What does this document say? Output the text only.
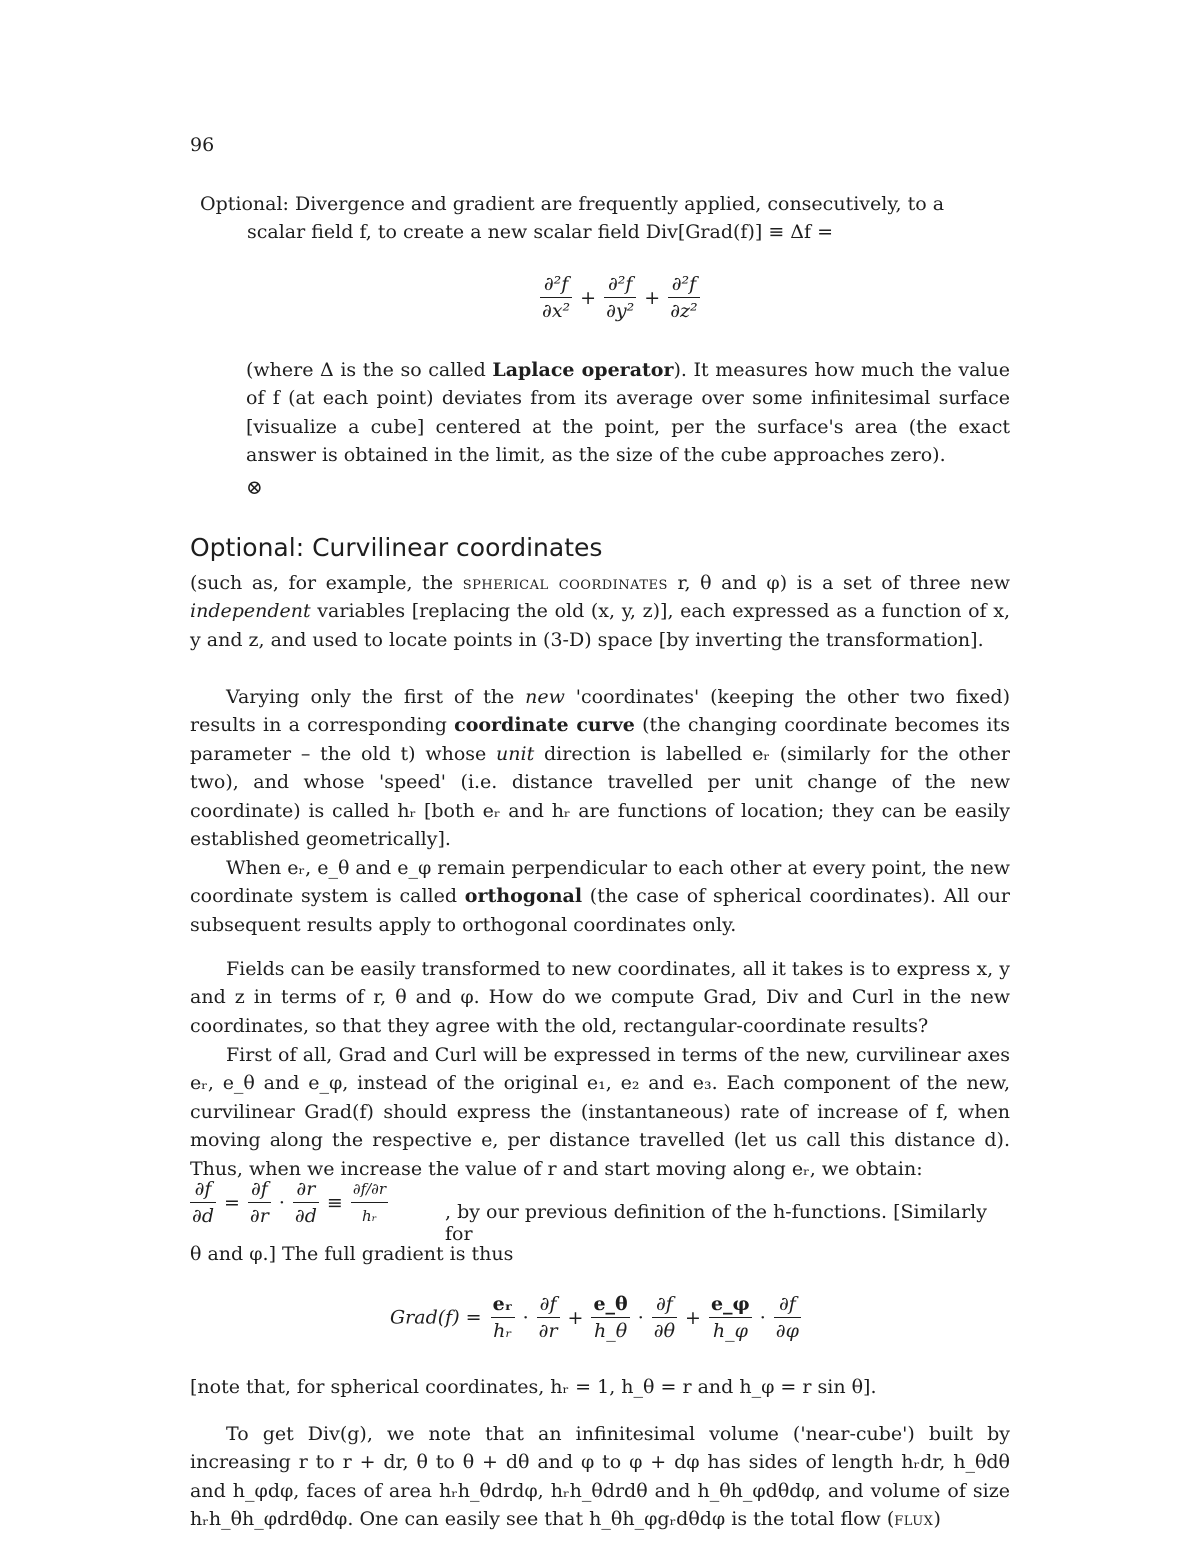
96
Optional: Divergence and gradient are frequently applied, consecutively, to a
scalar field f, to create a new scalar field Div[Grad(f)] ≡ Δf =
$\frac{\text{∂²f}}{\text{∂x²}} + \frac{\text{∂²f}}{\text{∂y²}} + \frac{\text{∂²f}}{\text{∂z²}}$
(where Δ is the so called Laplace operator). It measures how much the value of f (at each point) deviates from its average over some infinitesimal surface [visualize a cube] centered at the point, per the surface's area (the exact answer is obtained in the limit, as the size of the cube approaches zero).
⊗
Optional: Curvilinear coordinates
(such as, for example, the spherical coordinates r, θ and φ) is a set of three new independent variables [replacing the old (x, y, z)], each expressed as a function of x, y and z, and used to locate points in (3-D) space [by inverting the transformation].
Varying only the first of the new 'coordinates' (keeping the other two fixed) results in a corresponding coordinate curve (the changing coordinate becomes its parameter – the old t) whose unit direction is labelled eᵣ (similarly for the other two), and whose 'speed' (i.e. distance travelled per unit change of the new coordinate) is called hᵣ [both eᵣ and hᵣ are functions of location; they can be easily established geometrically].
When eᵣ, e_θ and e_φ remain perpendicular to each other at every point, the new coordinate system is called orthogonal (the case of spherical coordinates). All our subsequent results apply to orthogonal coordinates only.
Fields can be easily transformed to new coordinates, all it takes is to express x, y and z in terms of r, θ and φ. How do we compute Grad, Div and Curl in the new coordinates, so that they agree with the old, rectangular-coordinate results?
First of all, Grad and Curl will be expressed in terms of the new, curvilinear axes eᵣ, e_θ and e_φ, instead of the original e₁, e₂ and e₃. Each component of the new, curvilinear Grad(f) should express the (instantaneous) rate of increase of f, when moving along the respective e, per distance travelled (let us call this distance d). Thus, when we increase the value of r and start moving along eᵣ, we obtain:
$\frac{\partial f}{\partial d} = \frac{\partial f}{\partial r} \cdot \frac{\partial r}{\partial d} \equiv \frac{\partial f/\partial r}{\text{hᵣ}}$	, by our previous definition of the h-functions. [Similarly for
θ and φ.] The full gradient is thus
Grad(f) = $\frac{\text{eᵣ}}{\text{hᵣ}} \cdot \frac{\partial f}{\partial r} + \frac{e\_\theta}{h\_\theta} \cdot \frac{\partial f}{\partial\theta} + \frac{e\_\varphi}{h\_\varphi} \cdot \frac{\partial f}{\partial\varphi}$
[note that, for spherical coordinates, hᵣ = 1, h_θ = r and h_φ = r sin θ].
To get Div(g), we note that an infinitesimal volume ('near-cube') built by increasing r to r + dr, θ to θ + dθ and φ to φ + dφ has sides of length hᵣdr, h_θdθ and h_φdφ, faces of area hᵣh_θdrdφ, hᵣh_θdrdθ and h_θh_φdθdφ, and volume of size hᵣh_θh_φdrdθdφ. One can easily see that h_θh_φgᵣdθdφ is the total flow (flux)
